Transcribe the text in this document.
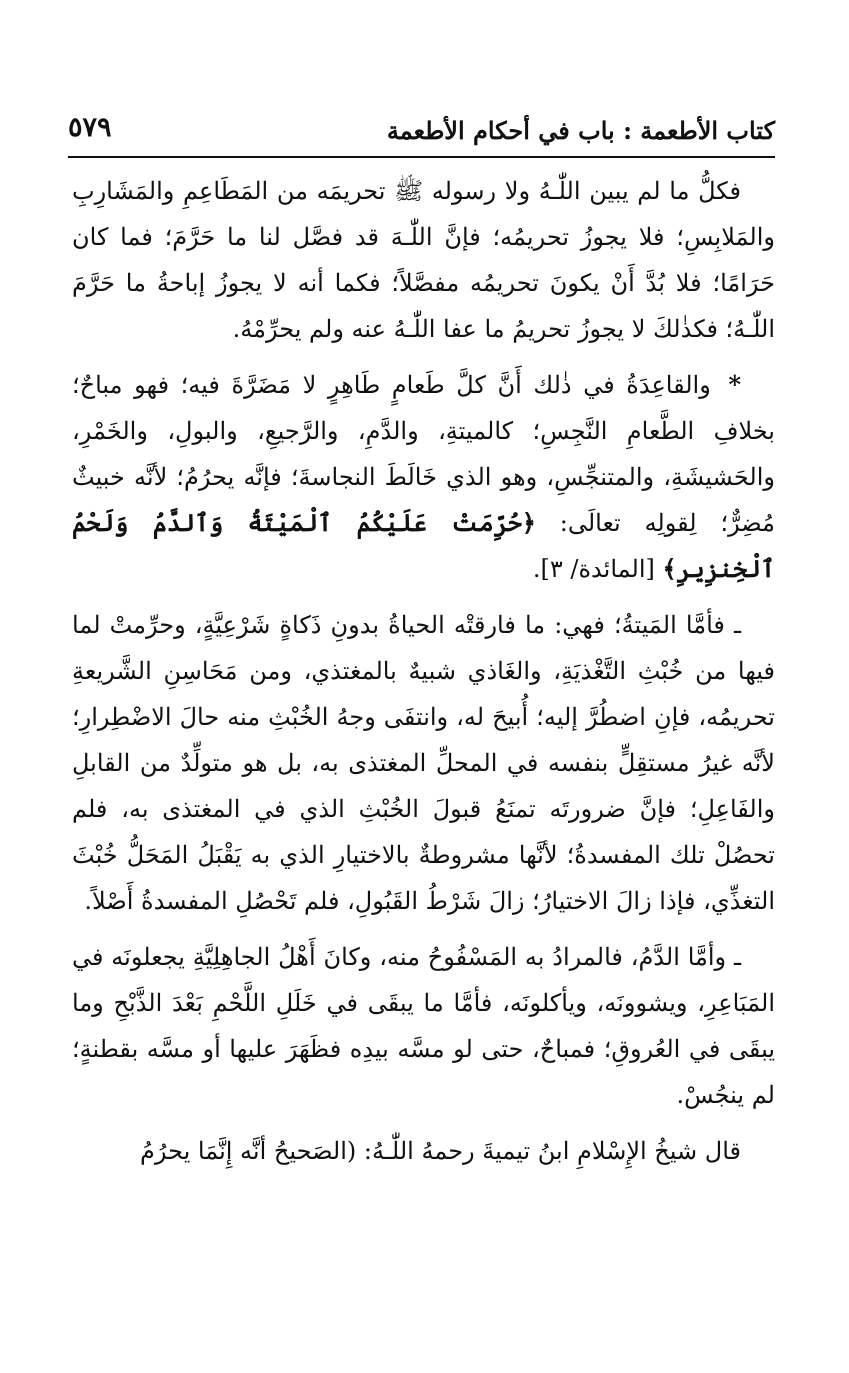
كتاب الأطعمة : باب في أحكام الأطعمة
٥٧٩

فكلُّ ما لم يبين اللّٰـهُ ولا رسوله ﷺ تحريمَه من المَطَاعِمِ والمَشَارِبِ والمَلابِسِ؛ فلا يجوزُ تحريمُه؛ فإنَّ اللّٰـهَ قد فصَّل لنا ما حَرَّمَ؛ فما كان حَرَامًا؛ فلا بُدَّ أَنْ يكونَ تحريمُه مفصَّلاً؛ فكما أنه لا يجوزُ إباحةُ ما حَرَّمَ اللّٰـهُ؛ فكذٰلكَ لا يجوزُ تحريمُ ما عفا اللّٰـهُ عنه ولم يحرِّمْهُ.

* والقاعِدَةُ في ذٰلك أَنَّ كلَّ طَعامٍ طَاهِرٍ لا مَضَرَّةَ فيه؛ فهو مباحٌ؛ بخلافِ الطَّعامِ النَّجِسِ؛ كالميتةِ، والدَّمِ، والرَّجيعِ، والبولِ، والخَمْرِ، والحَشيشَةِ، والمتنجِّسِ، وهو الذي خَالَطَ النجاسةَ؛ فإنَّه يحرُمُ؛ لأنَّه خبيثٌ مُضِرٌّ؛ لِقولِه تعالَى: ﴿حُرِّمَتْ عَلَيْكُمُ ٱلْمَيْتَةُ وَٱلدَّمُ وَلَحْمُ ٱلْخِنزِيرِ﴾ [المائدة/ ٣].

ـ فأمَّا المَيتةُ؛ فهي: ما فارقتْه الحياةُ بدونِ ذَكاةٍ شَرْعِيَّةٍ، وحرِّمتْ لما فيها من خُبْثِ التَّغْذيَةِ، والغَاذي شبيهٌ بالمغتذي، ومن مَحَاسِنِ الشَّريعةِ تحريمُه، فإنِ اضطُرَّ إليه؛ أُبيحَ له، وانتفَى وجهُ الخُبْثِ منه حالَ الاضْطِرارِ؛ لأنَّه غيرُ مستقِلٍّ بنفسه في المحلِّ المغتذى به، بل هو متولِّدٌ من القابلِ والفَاعِلِ؛ فإنَّ ضرورتَه تمنَعُ قبولَ الخُبْثِ الذي في المغتذى به، فلم تحصُلْ تلك المفسدةُ؛ لأنَّها مشروطةٌ بالاختيارِ الذي به يَقْبَلُ المَحَلُّ خُبْثَ التغذِّي، فإذا زالَ الاختيارُ؛ زالَ شَرْطُ القَبُولِ، فلم تَحْصُلِ المفسدةُ أَصْلاً.

ـ وأمَّا الدَّمُ، فالمرادُ به المَسْفُوحُ منه، وكانَ أَهْلُ الجاهِلِيَّةِ يجعلونَه في المَبَاعِرِ، ويشوونَه، ويأكلونَه، فأمَّا ما يبقَى في خَلَلِ اللَّحْمِ بَعْدَ الذَّبْحِ وما يبقَى في العُروقِ؛ فمباحٌ، حتى لو مسَّه بيدِه فظَهَرَ عليها أو مسَّه بقطنةٍ؛ لم ينجُسْ.

قال شيخُ الإِسْلامِ ابنُ تيميةَ رحمهُ اللّٰـهُ: (الصَحيحُ أنَّه إِنَّمَا يحرُمُ
